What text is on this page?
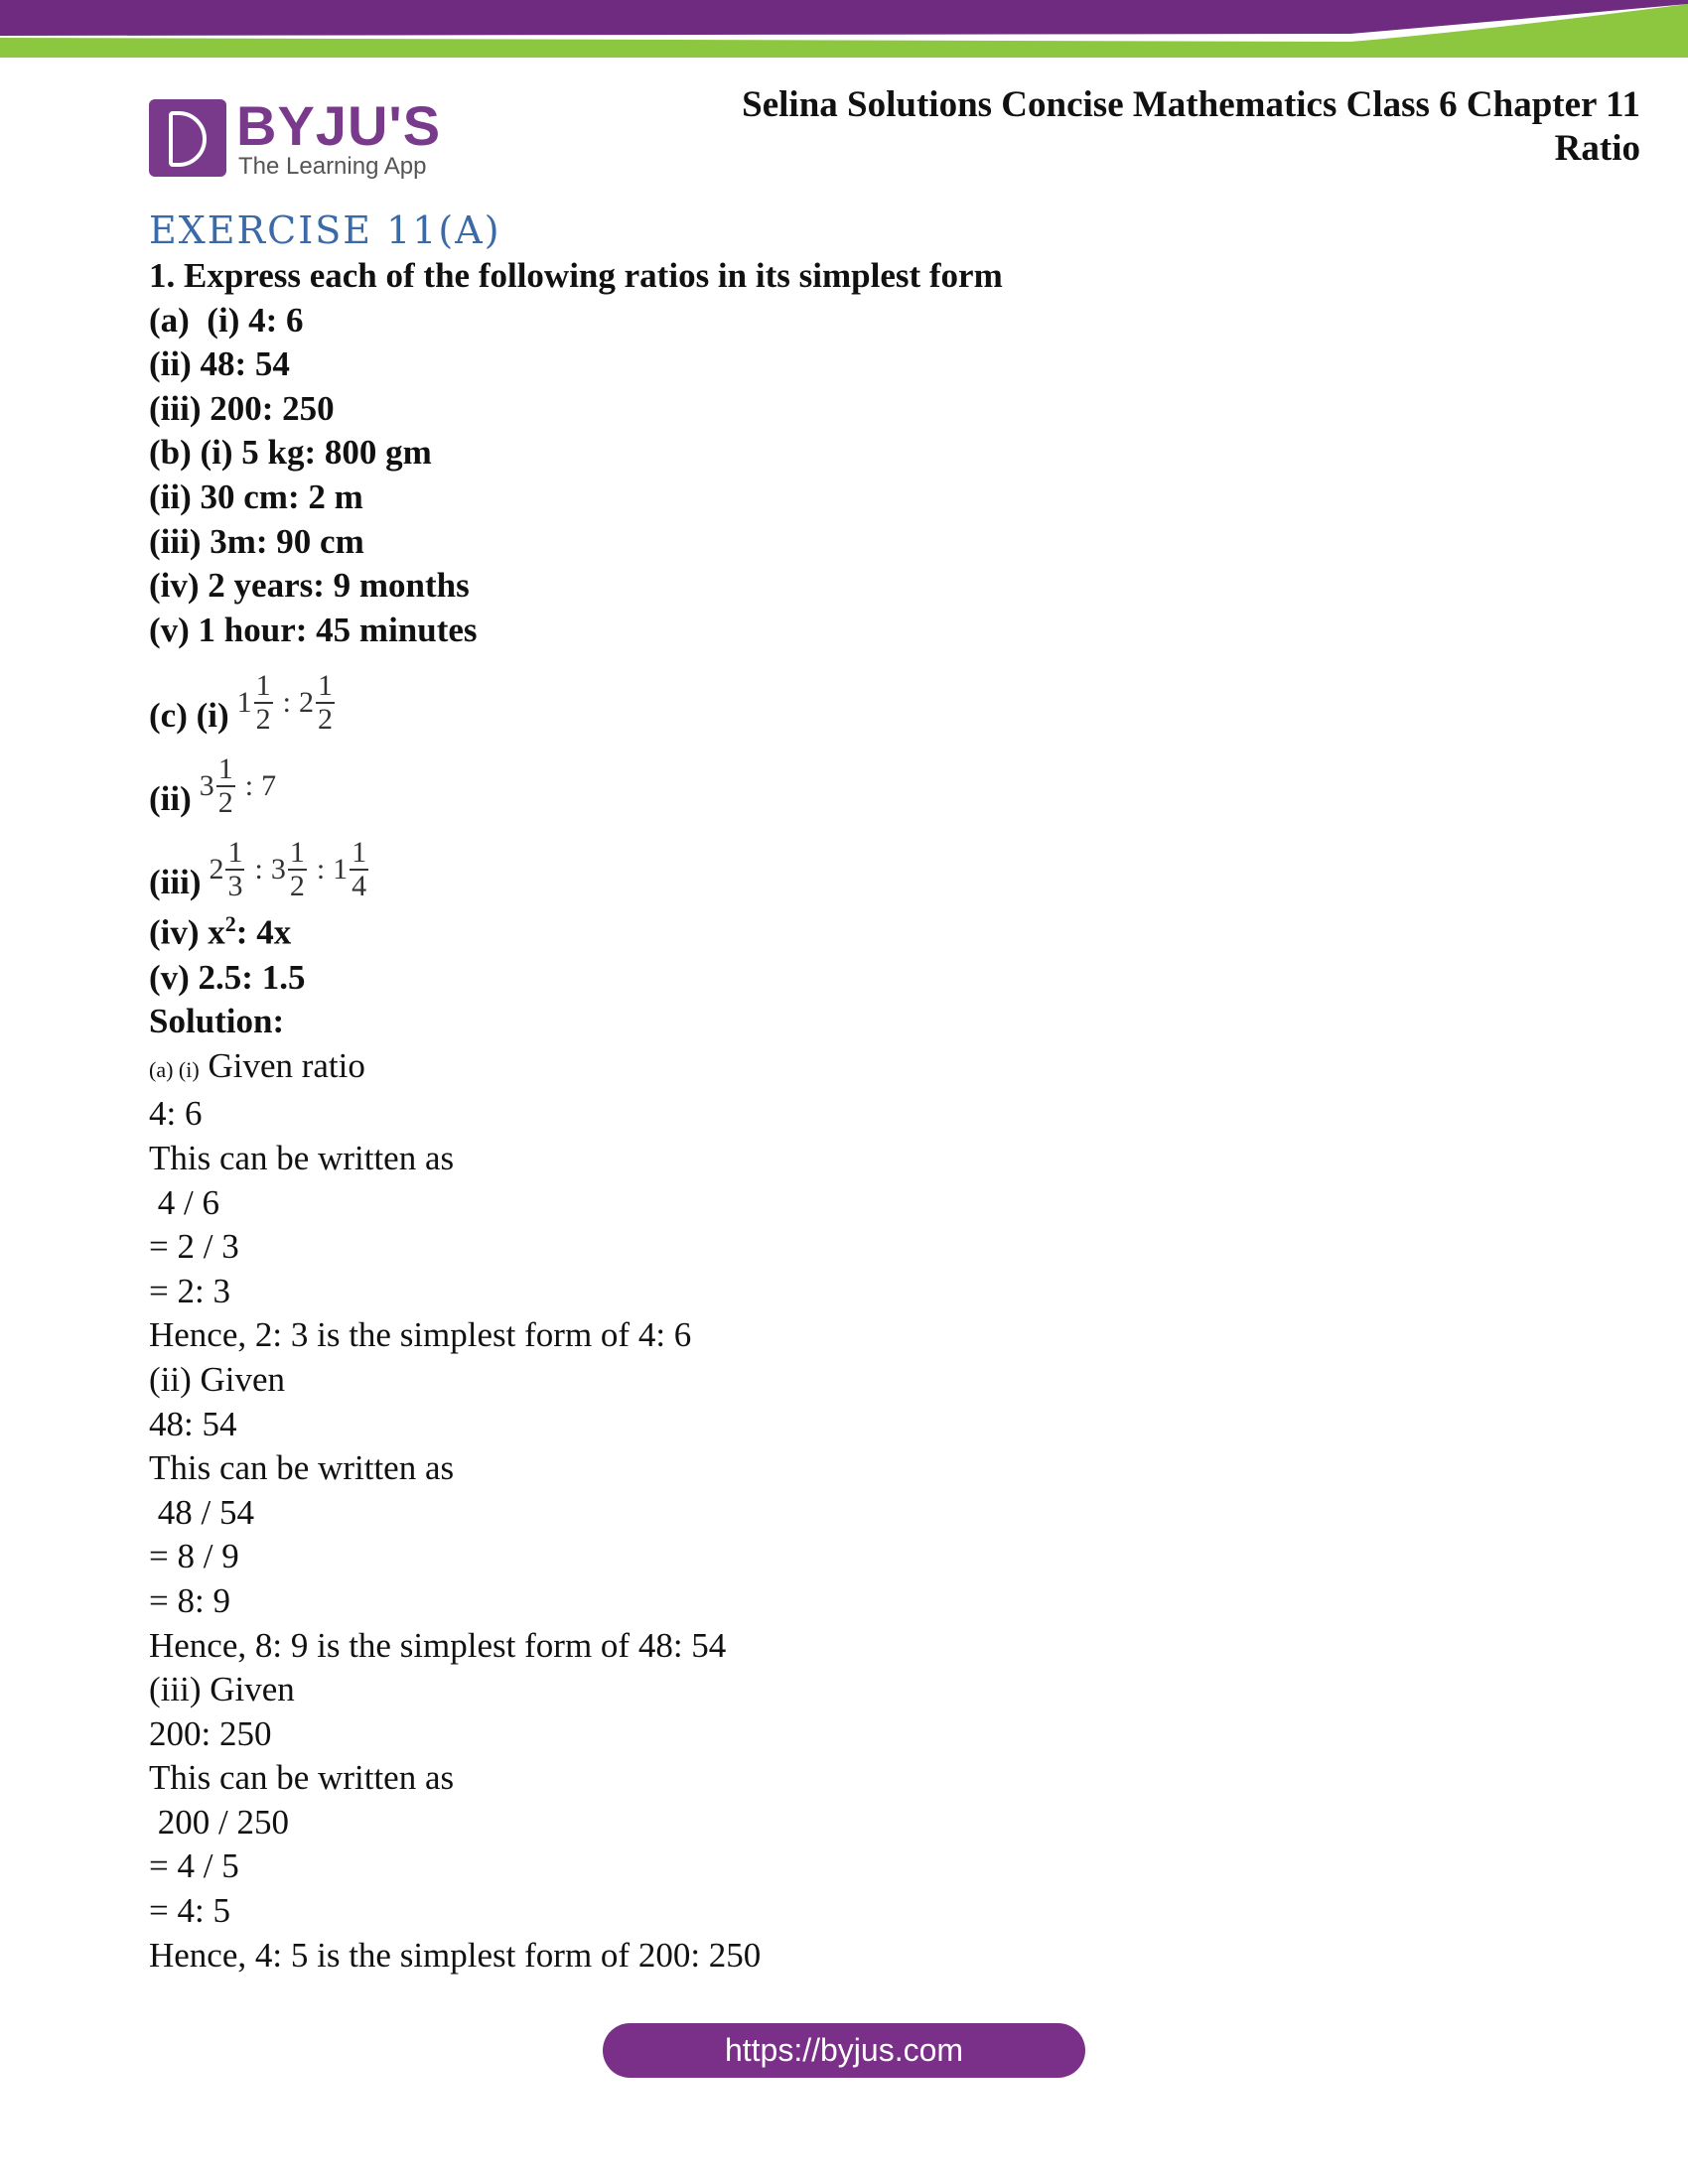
BYJU'S
The Learning App
Selina Solutions Concise Mathematics Class 6 Chapter 11
Ratio
EXERCISE 11(A)
1. Express each of the following ratios in its simplest form
(a)  (i) 4: 6
(ii) 48: 54
(iii) 200: 250
(b) (i) 5 kg: 800 gm
(ii) 30 cm: 2 m
(iii) 3m: 90 cm
(iv) 2 years: 9 months
(v) 1 hour: 45 minutes
(c) (i) $1 \frac{1}{2}$ : $2 \frac{1}{2}$
(ii) $3 \frac{1}{2}$ : 7
(iii) $2 \frac{1}{3}$ : $3 \frac{1}{2}$ : $1 \frac{1}{4}$
(iv) $x^2$: 4x
(v) 2.5: 1.5
Solution:
(a) (i) Given ratio
4: 6
This can be written as
4 / 6
= 2 / 3
= 2: 3
Hence, 2: 3 is the simplest form of 4: 6
(ii) Given
48: 54
This can be written as
48 / 54
= 8 / 9
= 8: 9
Hence, 8: 9 is the simplest form of 48: 54
(iii) Given
200: 250
This can be written as
200 / 250
= 4 / 5
= 4: 5
Hence, 4: 5 is the simplest form of 200: 250
https://byjus.com
